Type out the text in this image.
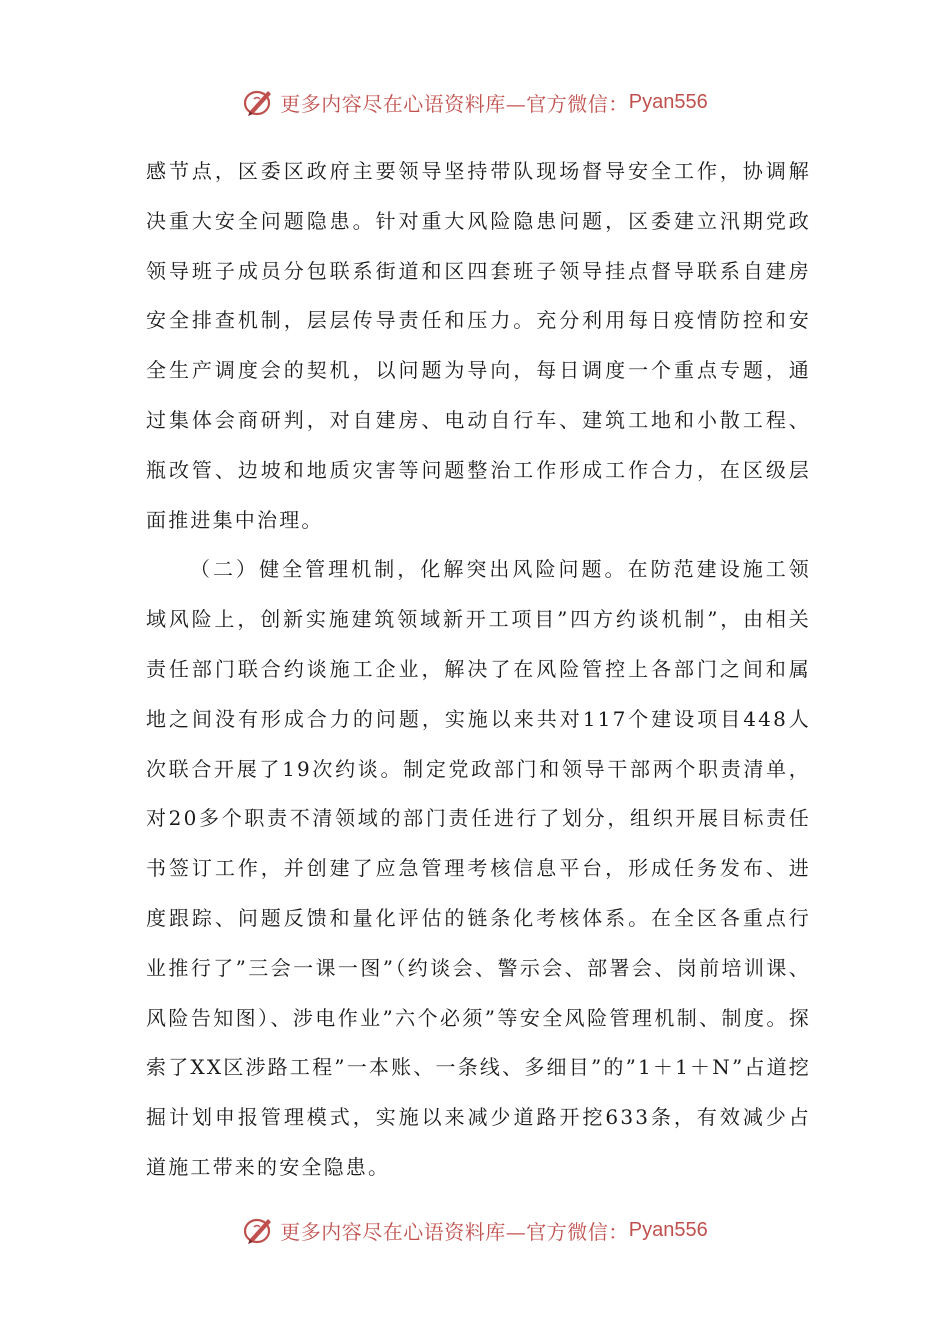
更多内容尽在心语资料库—官方微信： Pyan556

感节点，区委区政府主要领导坚持带队现场督导安全工作，协调解决重大安全问题隐患。针对重大风险隐患问题，区委建立汛期党政领导班子成员分包联系街道和区四套班子领导挂点督导联系自建房安全排查机制，层层传导责任和压力。充分利用每日疫情防控和安全生产调度会的契机，以问题为导向，每日调度一个重点专题，通过集体会商研判，对自建房、电动自行车、建筑工地和小散工程、瓶改管、边坡和地质灾害等问题整治工作形成工作合力，在区级层面推进集中治理。

（二）健全管理机制，化解突出风险问题。在防范建设施工领域风险上，创新实施建筑领域新开工项目”四方约谈机制”，由相关责任部门联合约谈施工企业，解决了在风险管控上各部门之间和属地之间没有形成合力的问题，实施以来共对117个建设项目448人次联合开展了19次约谈。制定党政部门和领导干部两个职责清单，对20多个职责不清领域的部门责任进行了划分，组织开展目标责任书签订工作，并创建了应急管理考核信息平台，形成任务发布、进度跟踪、问题反馈和量化评估的链条化考核体系。在全区各重点行业推行了”三会一课一图”（约谈会、警示会、部署会、岗前培训课、风险告知图）、涉电作业”六个必须”等安全风险管理机制、制度。探索了XX区涉路工程”一本账、一条线、多细目”的”1＋1＋N”占道挖掘计划申报管理模式，实施以来减少道路开挖633条，有效减少占道施工带来的安全隐患。

更多内容尽在心语资料库—官方微信： Pyan556
